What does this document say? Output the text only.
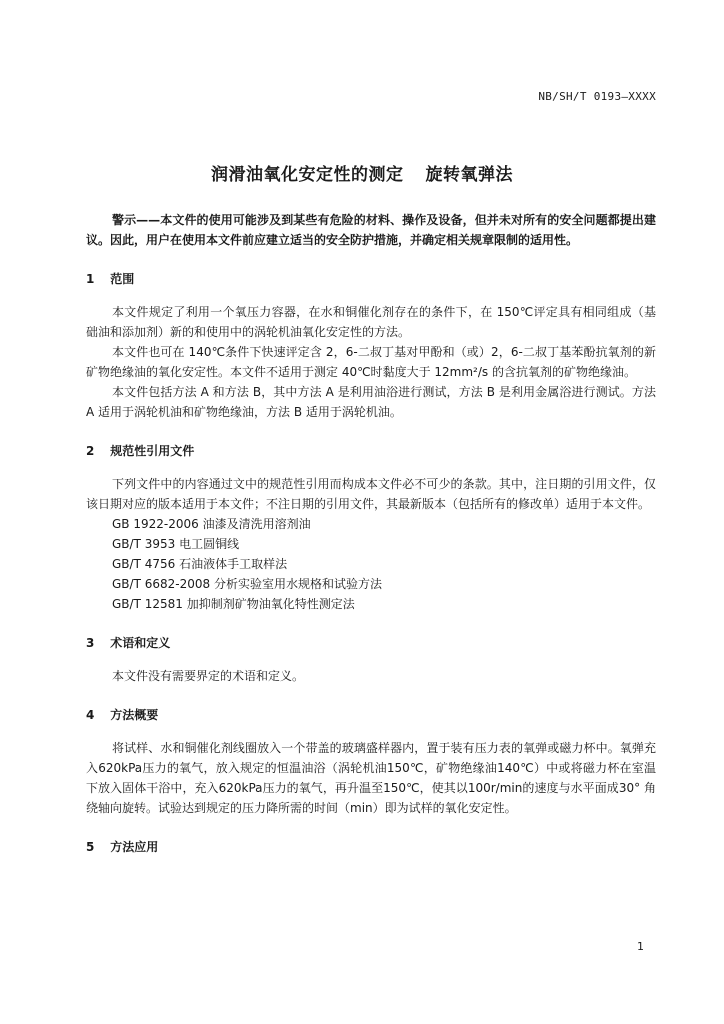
NB/SH/T 0193—XXXX
润滑油氧化安定性的测定 旋转氧弹法

警示——本文件的使用可能涉及到某些有危险的材料、操作及设备，但并未对所有的安全问题都提出建议。因此，用户在使用本文件前应建立适当的安全防护措施，并确定相关规章限制的适用性。

1 范围

本文件规定了利用一个氧压力容器，在水和铜催化剂存在的条件下，在 150℃评定具有相同组成（基础油和添加剂）新的和使用中的涡轮机油氧化安定性的方法。

本文件也可在 140℃条件下快速评定含 2，6-二叔丁基对甲酚和（或）2，6-二叔丁基苯酚抗氧剂的新矿物绝缘油的氧化安定性。本文件不适用于测定 40℃时黏度大于 12mm²/s 的含抗氧剂的矿物绝缘油。

本文件包括方法 A 和方法 B，其中方法 A 是利用油浴进行测试，方法 B 是利用金属浴进行测试。方法 A 适用于涡轮机油和矿物绝缘油，方法 B 适用于涡轮机油。

2 规范性引用文件

下列文件中的内容通过文中的规范性引用而构成本文件必不可少的条款。其中，注日期的引用文件，仅该日期对应的版本适用于本文件；不注日期的引用文件，其最新版本（包括所有的修改单）适用于本文件。

GB 1922-2006 油漆及清洗用溶剂油
GB/T 3953 电工圆铜线
GB/T 4756 石油液体手工取样法
GB/T 6682-2008 分析实验室用水规格和试验方法
GB/T 12581 加抑制剂矿物油氧化特性测定法
3 术语和定义

本文件没有需要界定的术语和定义。

4 方法概要

将试样、水和铜催化剂线圈放入一个带盖的玻璃盛样器内，置于装有压力表的氧弹或磁力杯中。氧弹充入620kPa压力的氧气，放入规定的恒温油浴（涡轮机油150℃，矿物绝缘油140℃）中或将磁力杯在室温下放入固体干浴中，充入620kPa压力的氧气，再升温至150℃，使其以100r/min的速度与水平面成30° 角绕轴向旋转。试验达到规定的压力降所需的时间（min）即为试样的氧化安定性。

5 方法应用
1
